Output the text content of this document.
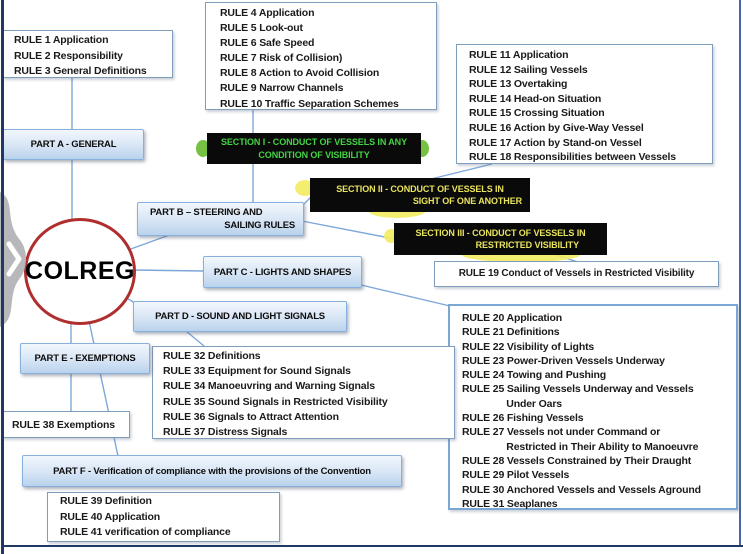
RULE 1 Application
RULE 2 Responsibility
RULE 3 General Definitions
RULE 4 Application
RULE 5 Look-out
RULE 6 Safe Speed
RULE 7 Risk of Collision)
RULE 8 Action to Avoid Collision
RULE 9 Narrow Channels
RULE 10 Traffic Separation Schemes
RULE 11 Application
RULE 12 Sailing Vessels
RULE 13 Overtaking
RULE 14 Head-on Situation
RULE 15 Crossing Situation
RULE 16 Action by Give-Way Vessel
RULE 17 Action by Stand-on Vessel
RULE 18 Responsibilities between Vessels
RULE 19 Conduct of Vessels in Restricted Visibility
RULE 20 Application
RULE 21 Definitions
RULE 22 Visibility of Lights
RULE 23 Power-Driven Vessels Underway
RULE 24 Towing and Pushing
RULE 25 Sailing Vessels Underway and Vessels
Under Oars
RULE 26 Fishing Vessels
RULE 27 Vessels not under Command or
Restricted in Their Ability to Manoeuvre
RULE 28 Vessels Constrained by Their Draught
RULE 29 Pilot Vessels
RULE 30 Anchored Vessels and Vessels Aground
RULE 31 Seaplanes
RULE 32 Definitions
RULE 33 Equipment for Sound Signals
RULE 34 Manoeuvring and Warning Signals
RULE 35 Sound Signals in Restricted Visibility
RULE 36 Signals to Attract Attention
RULE 37 Distress Signals
RULE 38 Exemptions
RULE 39 Definition
RULE 40 Application
RULE 41 verification of compliance
PART A - GENERAL
PART B – STEERING AND
SAILING RULES
PART C - LIGHTS AND SHAPES
PART D - SOUND AND LIGHT SIGNALS
PART E - EXEMPTIONS
PART F - Verification of compliance with the provisions of the Convention
SECTION I - CONDUCT OF VESSELS IN ANY
CONDITION OF VISIBILITY
SECTION II - CONDUCT OF VESSELS IN
SIGHT OF ONE ANOTHER
SECTION III - CONDUCT OF VESSELS IN
RESTRICTED VISIBILITY
COLREG
